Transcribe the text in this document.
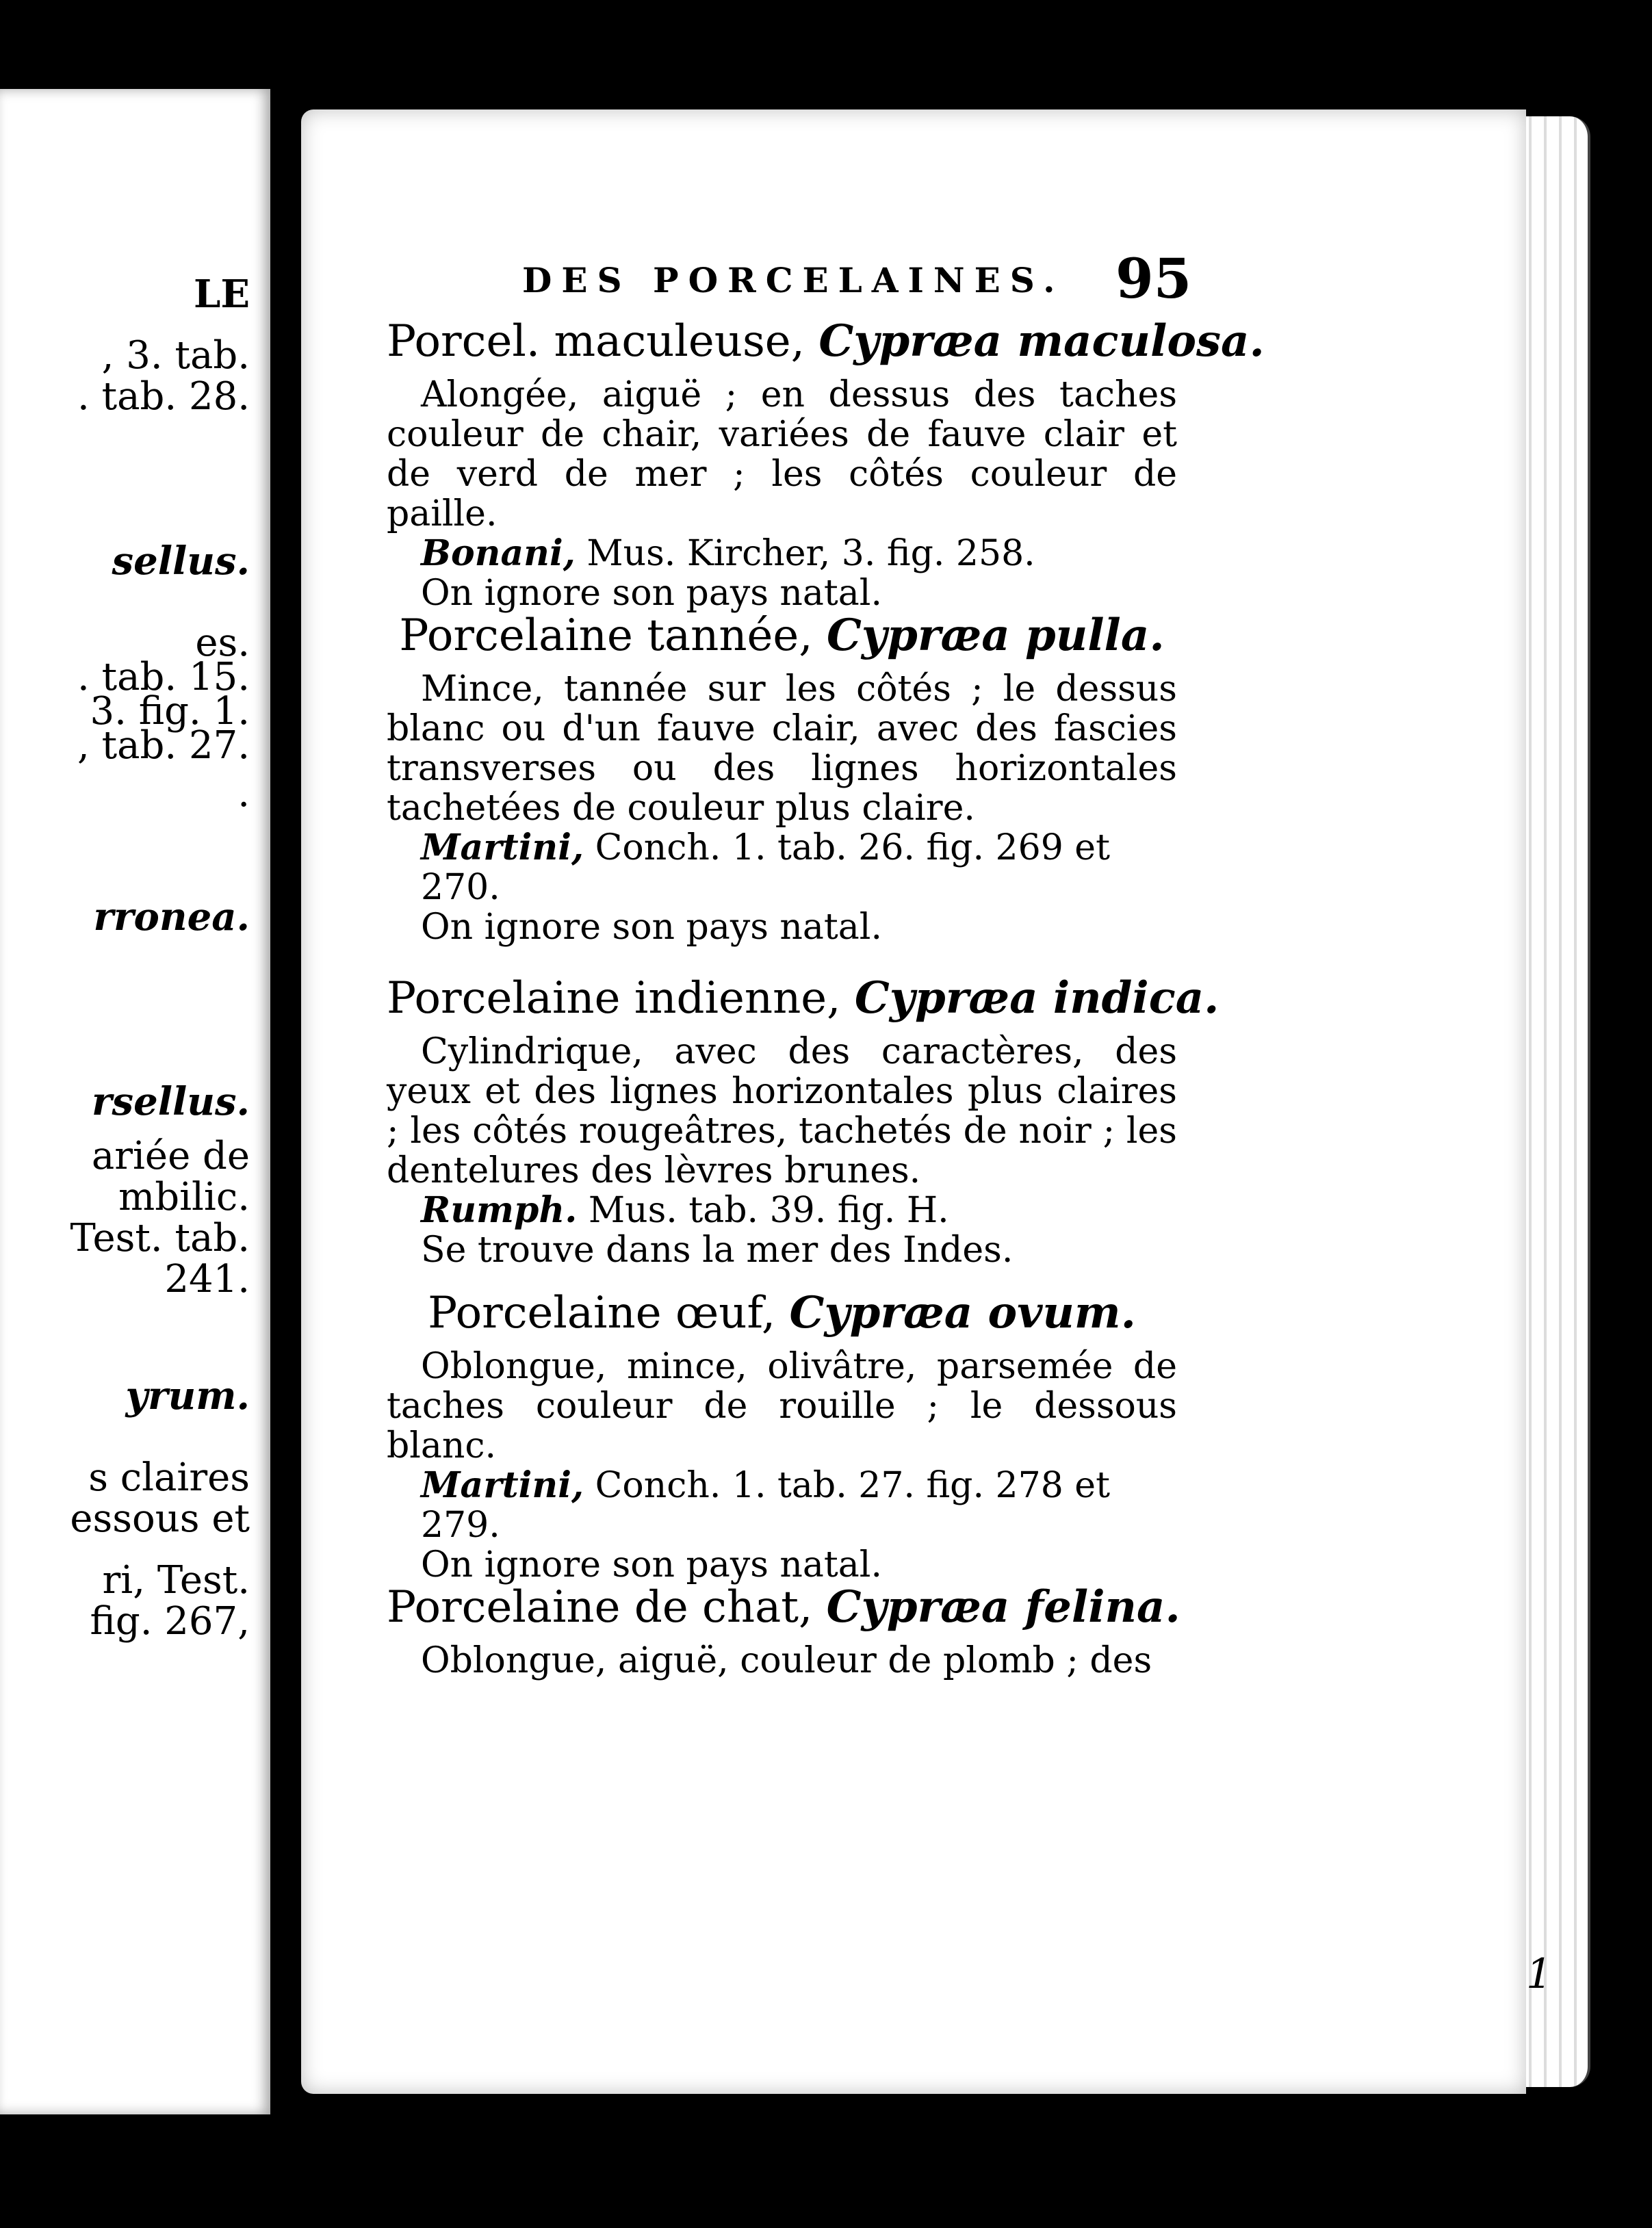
LE
, 3. tab.
. tab. 28.
sellus.
es.
. tab. 15.
3. fig. 1.
, tab. 27.
.
rronea.
rsellus.
ariée de
mbilic.
Test. tab.
241.
yrum.
s claires
essous et
ri, Test.
fig. 267,
DES PORCELAINES. 95
Porcel. maculeuse, Cypræa maculosa.
Alongée, aiguë ; en dessus des taches couleur de chair, variées de fauve clair et de verd de mer ; les côtés couleur de paille.
Bonani, Mus. Kircher, 3. fig. 258.
On ignore son pays natal.
Porcelaine tannée, Cypræa pulla.
Mince, tannée sur les côtés ; le dessus blanc ou d'un fauve clair, avec des fascies transverses ou des lignes horizontales tachetées de couleur plus claire.
Martini, Conch. 1. tab. 26. fig. 269 et 270.
On ignore son pays natal.
Porcelaine indienne, Cypræa indica.
Cylindrique, avec des caractères, des yeux et des lignes horizontales plus claires ; les côtés rougeâtres, tachetés de noir ; les dentelures des lèvres brunes.
Rumph. Mus. tab. 39. fig. H.
Se trouve dans la mer des Indes.
Porcelaine œuf, Cypræa ovum.
Oblongue, mince, olivâtre, parsemée de taches couleur de rouille ; le dessous blanc.
Martini, Conch. 1. tab. 27. fig. 278 et 279.
On ignore son pays natal.
Porcelaine de chat, Cypræa felina.
Oblongue, aiguë, couleur de plomb ; des
1
